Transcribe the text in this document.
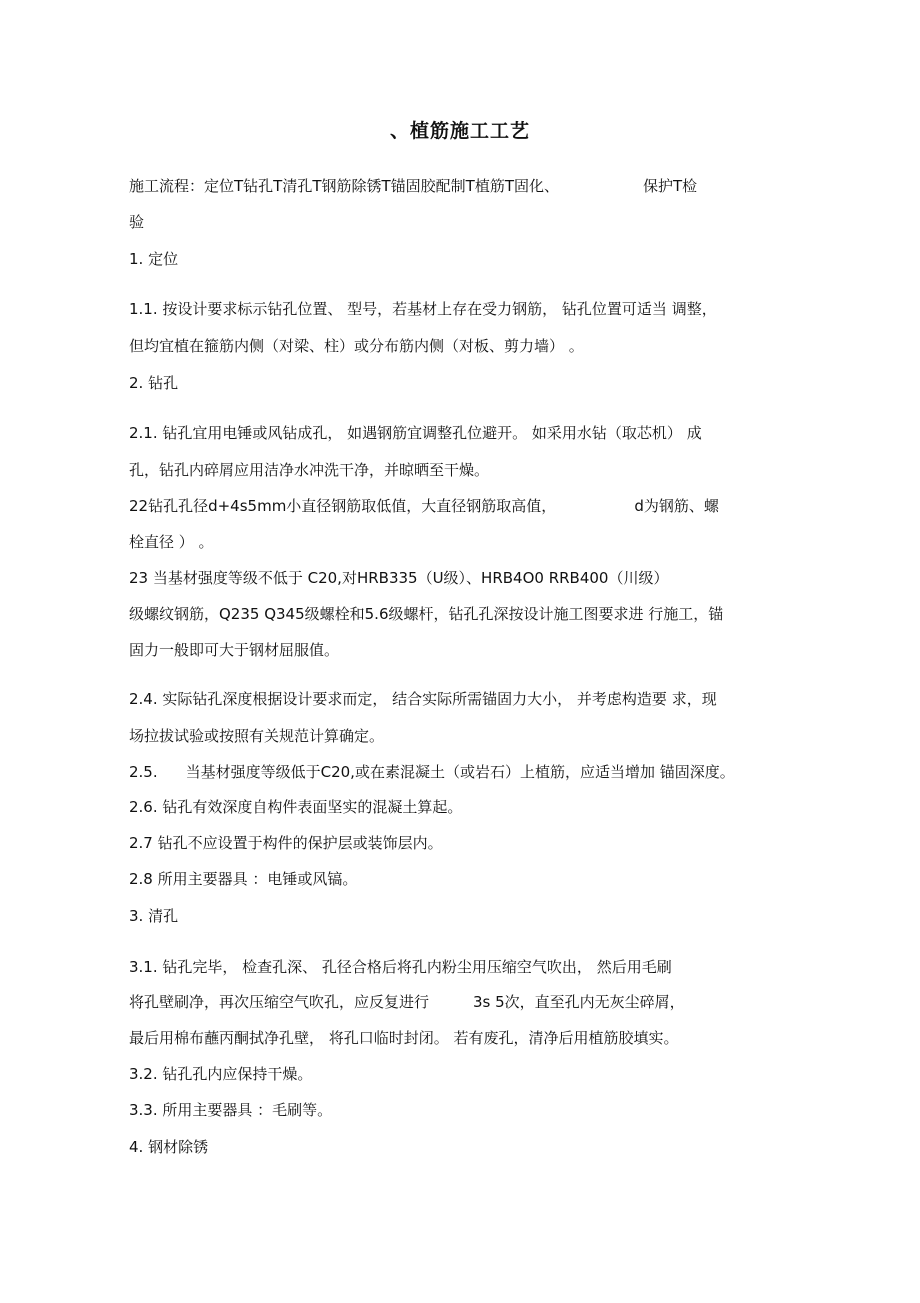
、植筋施工工艺
施工流程：定位T钻孔T清孔T钢筋除锈T锚固胶配制T植筋T固化、	保护T检
验
1. 定位
1.1. 按设计要求标示钻孔位置、 型号，若基材上存在受力钢筋， 钻孔位置可适当 调整，
但均宜植在箍筋内侧（对梁、柱）或分布筋内侧（对板、剪力墙） 。
2. 钻孔
2.1. 钻孔宜用电锤或风钻成孔， 如遇钢筋宜调整孔位避开。 如采用水钻（取芯机） 成
孔，钻孔内碎屑应用洁净水冲洗干净，并晾晒至干燥。
22钻孔孔径d+4s5mm小直径钢筋取低值，大直径钢筋取高值，	d为钢筋、螺
栓直径 ） 。
23 当基材强度等级不低于 C20,对HRB335（U级）、HRB4O0 RRB400（川级）
级螺纹钢筋，Q235 Q345级螺栓和5.6级螺杆，钻孔孔深按设计施工图要求进 行施工，锚
固力一般即可大于钢材屈服值。
2.4. 实际钻孔深度根据设计要求而定， 结合实际所需锚固力大小， 并考虑构造要 求，现
场拉拔试验或按照有关规范计算确定。
2.5. 当基材强度等级低于C20,或在素混凝土（或岩石）上植筋，应适当增加 锚固深度。
2.6. 钻孔有效深度自构件表面坚实的混凝土算起。
2.7 钻孔不应设置于构件的保护层或装饰层内。
2.8 所用主要器具 ：电锤或风镐。
3. 清孔
3.1. 钻孔完毕， 检查孔深、 孔径合格后将孔内粉尘用压缩空气吹出， 然后用毛刷
将孔壁刷净，再次压缩空气吹孔，应反复进行	3s 5次，直至孔内无灰尘碎屑，
最后用棉布蘸丙酮拭净孔壁， 将孔口临时封闭。 若有废孔，清净后用植筋胶填实。
3.2. 钻孔孔内应保持干燥。
3.3. 所用主要器具 ：毛刷等。
4. 钢材除锈
